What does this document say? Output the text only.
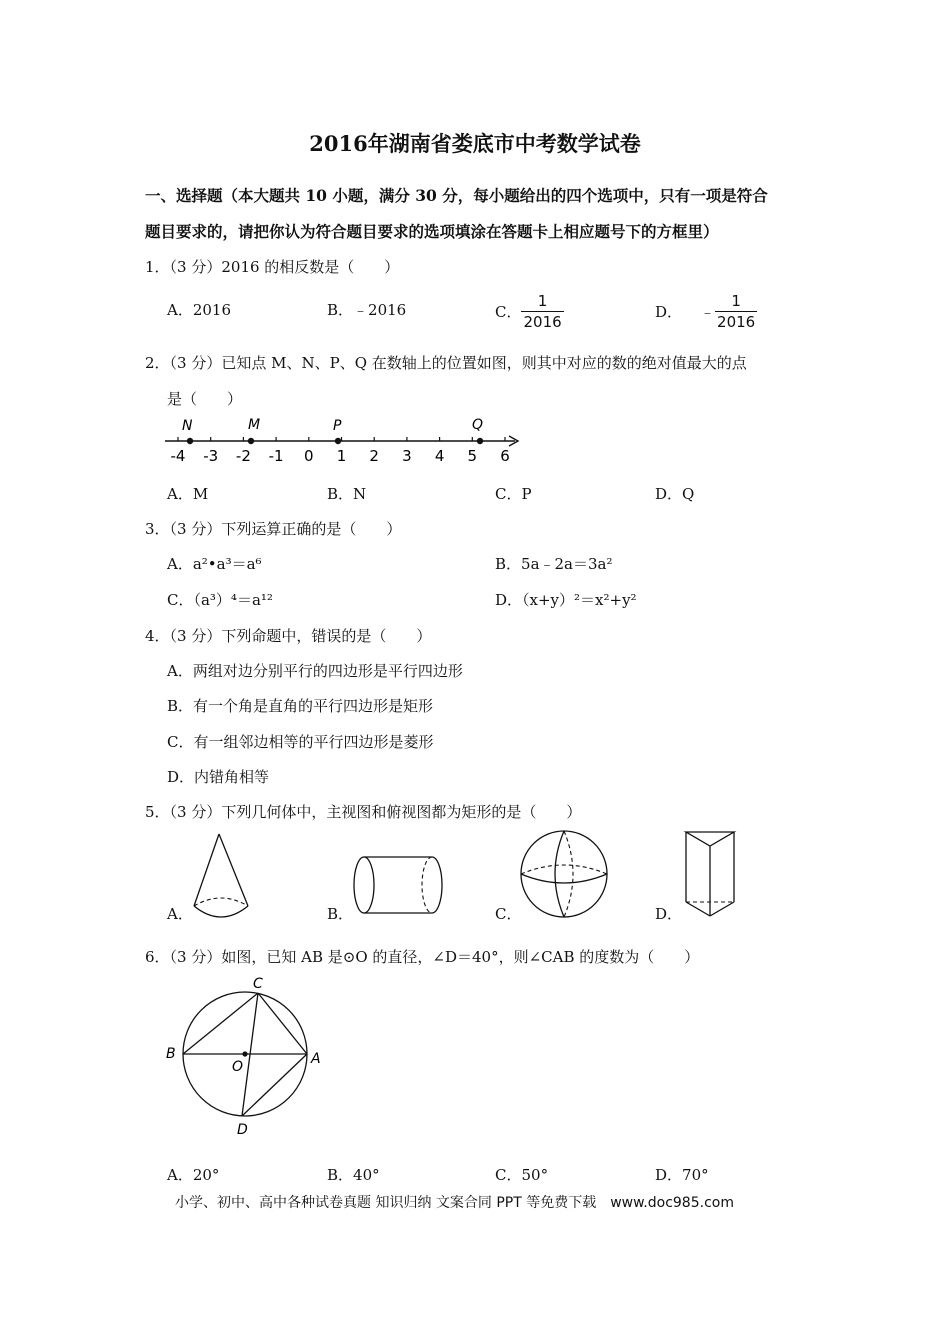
2016年湖南省娄底市中考数学试卷
一、选择题（本大题共 10 小题，满分 30 分，每小题给出的四个选项中，只有一项是符合
题目要求的，请把你认为符合题目要求的选项填涂在答题卡上相应题号下的方框里）
1．（3 分）2016 的相反数是（　　）
A．2016	B．﹣2016	C． $\frac{1}{2016}$	D． ﹣ $\frac{1}{2016}$
2．（3 分）已知点 M、N、P、Q 在数轴上的位置如图，则其中对应的数的绝对值最大的点
是（　　）
-4 -3 -2 -1 0 1 2 3 4 5 6
N	M	P	Q
A．M	B．N	C．P	D．Q
3．（3 分）下列运算正确的是（　　）
A．a²•a³＝a⁶	B．5a﹣2a＝3a²
C．（a³）⁴＝a¹²	D．（x+y）²＝x²+y²
4．（3 分）下列命题中，错误的是（　　）
A．两组对边分别平行的四边形是平行四边形
B．有一个角是直角的平行四边形是矩形
C．有一组邻边相等的平行四边形是菱形
D．内错角相等
5．（3 分）下列几何体中，主视图和俯视图都为矩形的是（　　）
A．	B．	C．	D．
6．（3 分）如图，已知 AB 是⊙O 的直径，∠D＝40°，则∠CAB 的度数为（　　）
C
B	A
O
D
A．20°	B．40°	C．50°	D．70°
小学、初中、高中各种试卷真题 知识归纳 文案合同 PPT 等免费下载　www.doc985.com
